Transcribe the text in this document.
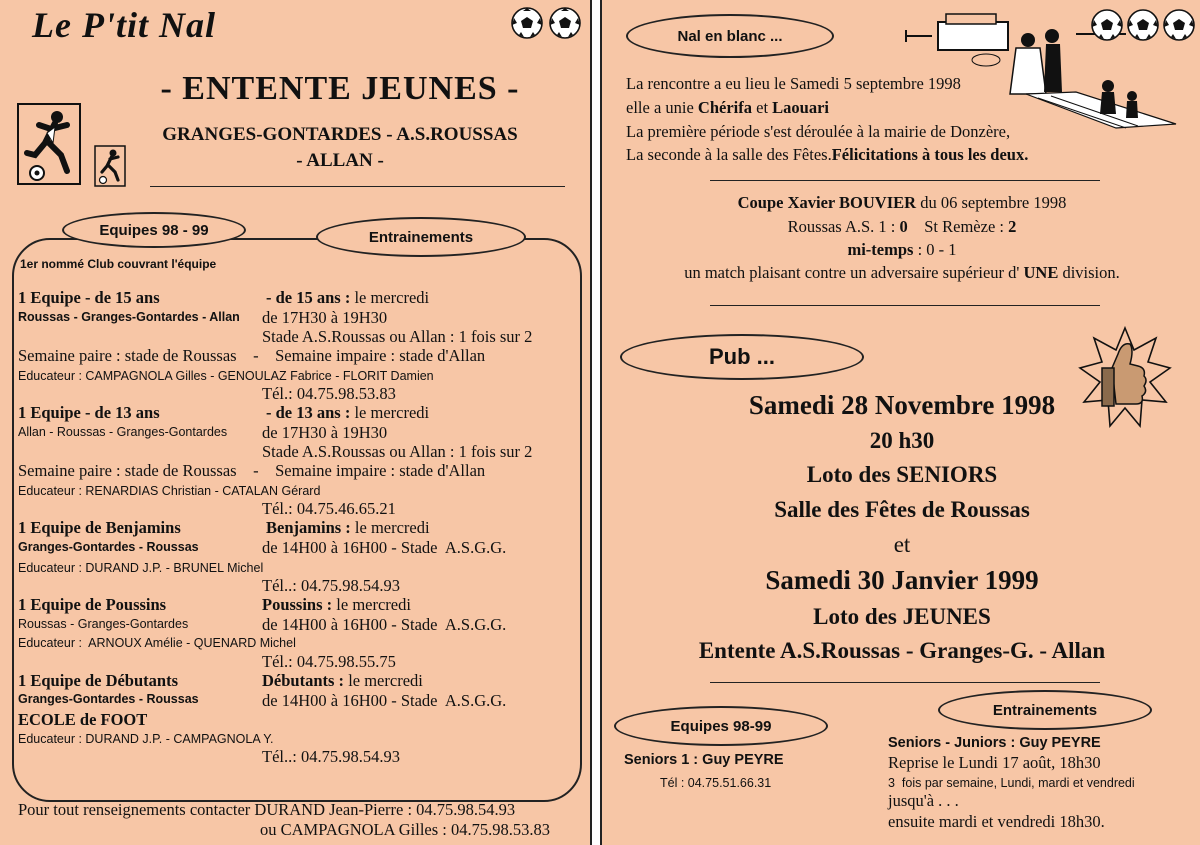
Le P'tit Nal
- ENTENTE JEUNES -
GRANGES-GONTARDES - A.S.ROUSSAS
- ALLAN -
Equipes 98 - 99	Entrainements
1er nommé Club couvrant l'équipe
1 Equipe - de 15 ans
Roussas - Granges-Gontardes - Allan
- de 15 ans : le mercredi
de 17H30 à 19H30
Stade A.S.Roussas ou Allan : 1 fois sur 2
Semaine paire : stade de Roussas    -    Semaine impaire : stade d'Allan
Educateur : CAMPAGNOLA Gilles - GENOULAZ Fabrice - FLORIT Damien
Tél.: 04.75.98.53.83
1 Equipe - de 13 ans
Allan - Roussas - Granges-Gontardes
- de 13 ans : le mercredi
de 17H30 à 19H30
Stade A.S.Roussas ou Allan : 1 fois sur 2
Semaine paire : stade de Roussas    -    Semaine impaire : stade d'Allan
Educateur : RENARDIAS Christian - CATALAN Gérard
Tél.: 04.75.46.65.21
1 Equipe de Benjamins
Granges-Gontardes - Roussas
Benjamins : le mercredi
de 14H00 à 16H00 - Stade  A.S.G.G.
Educateur : DURAND J.P. - BRUNEL Michel
Tél..: 04.75.98.54.93
1 Equipe de Poussins
Roussas - Granges-Gontardes
Poussins : le mercredi
de 14H00 à 16H00 - Stade  A.S.G.G.
Educateur :  ARNOUX Amélie - QUENARD Michel
Tél.: 04.75.98.55.75
1 Equipe de Débutants
Granges-Gontardes - Roussas
Débutants : le mercredi
de 14H00 à 16H00 - Stade  A.S.G.G.
ECOLE de FOOT
Educateur : DURAND J.P. - CAMPAGNOLA Y.
Tél..: 04.75.98.54.93
Pour tout renseignements contacter DURAND Jean-Pierre : 04.75.98.54.93
ou CAMPAGNOLA Gilles : 04.75.98.53.83
Nal en blanc ...
La rencontre a eu lieu le Samedi 5 septembre 1998
elle a unie Chérifa et Laouari
La première période s'est déroulée à la mairie de Donzère,
La seconde à la salle des Fêtes.Félicitations à tous les deux.
Coupe Xavier BOUVIER du 06 septembre 1998
Roussas A.S. 1 : 0    St Remèze : 2
mi-temps : 0 - 1
un match plaisant contre un adversaire supérieur d' UNE division.
Pub ...
Samedi 28 Novembre 1998
20 h30
Loto des SENIORS
Salle des Fêtes de Roussas
et
Samedi 30 Janvier 1999
Loto des JEUNES
Entente A.S.Roussas - Granges-G. - Allan
Equipes 98-99
Entrainements
Seniors 1 : Guy PEYRE
Tél : 04.75.51.66.31
Seniors - Juniors : Guy PEYRE
Reprise le Lundi 17 août, 18h30
3  fois par semaine, Lundi, mardi et vendredi
jusqu'à . . .
ensuite mardi et vendredi 18h30.
